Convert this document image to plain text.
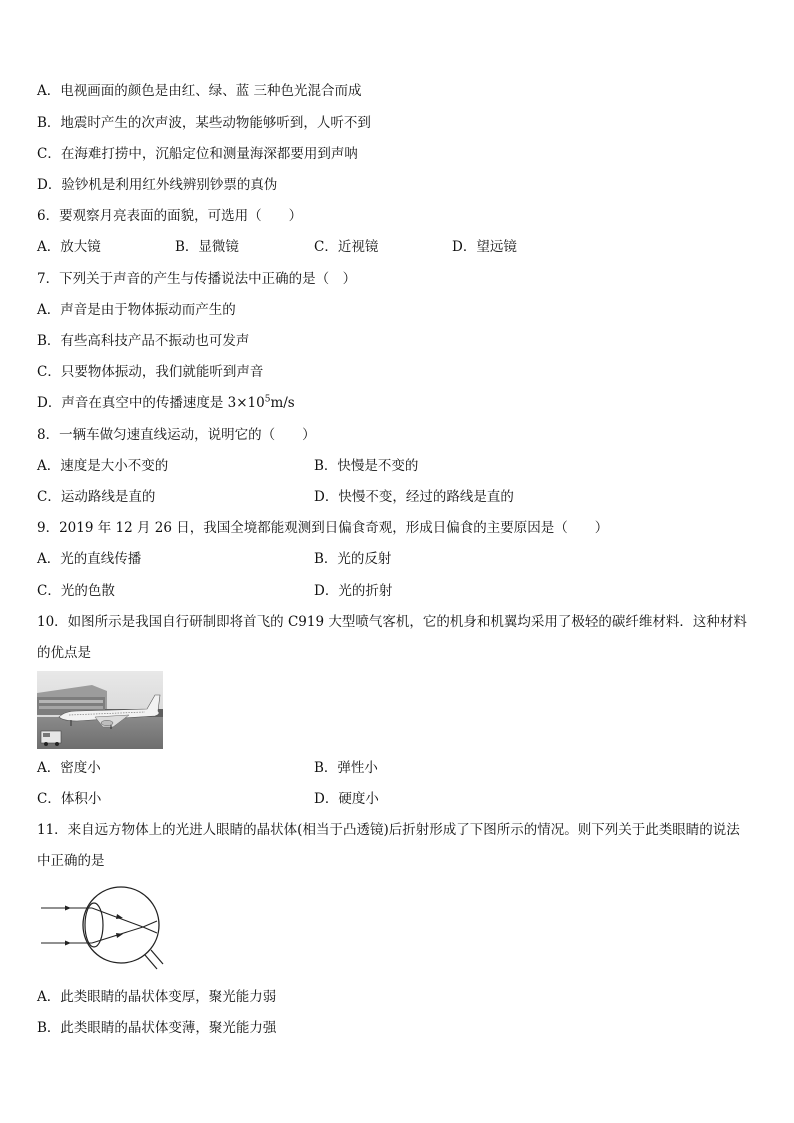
A．电视画面的颜色是由红、绿、蓝 三种色光混合而成
B．地震时产生的次声波，某些动物能够听到，人听不到
C．在海难打捞中，沉船定位和测量海深都要用到声呐
D．验钞机是利用红外线辨别钞票的真伪
6．要观察月亮表面的面貌，可选用（　　）
A．放大镜	B．显微镜	C．近视镜	D．望远镜
7．下列关于声音的产生与传播说法中正确的是（　）
A．声音是由于物体振动而产生的
B．有些高科技产品不振动也可发声
C．只要物体振动，我们就能听到声音
D．声音在真空中的传播速度是 $3\times 10^5m/s$
8．一辆车做匀速直线运动，说明它的（　　）
A．速度是大小不变的	B．快慢是不变的
C．运动路线是直的	D．快慢不变，经过的路线是直的
9．2019 年 12 月 26 日，我国全境都能观测到日偏食奇观，形成日偏食的主要原因是（　　）
A．光的直线传播	B．光的反射
C．光的色散	D．光的折射
10．如图所示是我国自行研制即将首飞的 C919 大型喷气客机，它的机身和机翼均采用了极轻的碳纤维材料．这种材料
的优点是
A．密度小	B．弹性小
C．体积小	D．硬度小
11．来自远方物体上的光进人眼睛的晶状体(相当于凸透镜)后折射形成了下图所示的情况。则下列关于此类眼睛的说法
中正确的是
A．此类眼睛的晶状体变厚，聚光能力弱
B．此类眼睛的晶状体变薄，聚光能力强
